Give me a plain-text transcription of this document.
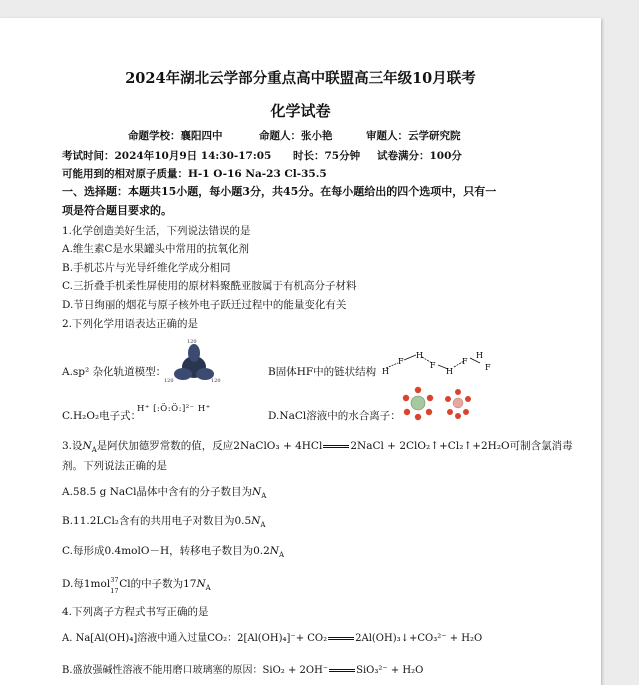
2024年湖北云学部分重点高中联盟高三年级10月联考
化学试卷
命题学校：襄阳四中	命题人：张小艳	审题人：云学研究院
考试时间：2024年10月9日 14:30-17:05 时长：75分钟 试卷满分：100分
可能用到的相对原子质量：H-1 O-16 Na-23 Cl-35.5
一、选择题：本题共15小题，每小题3分，共45分。在每小题给出的四个选项中，只有一
项是符合题目要求的。
1.化学创造美好生活，下列说法错误的是
A.维生素C是水果罐头中常用的抗氧化剂
B.手机芯片与光导纤维化学成分相同
C.三折叠手机柔性屏使用的原材料聚酰亚胺属于有机高分子材料
D.节日绚丽的烟花与原子核外电子跃迁过程中的能量变化有关
2.下列化学用语表达正确的是
A.sp² 杂化轨道模型：
120
120	120
B固体HF中的链状结构 H
F
H
F
H
F
H
F
C.H₂O₂电子式：
H⁺ [:Ö:Ö:]²⁻ H⁺
D.NaCl溶液中的水合离子：
3.设$N_A$是阿伏加德罗常数的值，反应2NaClO₃ + 4HCl	2NaCl + 2ClO₂↑+Cl₂↑+2H₂O可制含氯消毒
剂。下列说法正确的是
A.58.5 g NaCl晶体中含有的分子数目为$N_A$
B.11.2LCl₂含有的共用电子对数目为$0.5N_A$
C.每形成0.4molO－H，转移电子数目为$0.2N_A$
D.每1mol 37
17
Cl的中子数为$17N_A$
4.下列离子方程式书写正确的是
A. Na[Al(OH)₄]溶液中通入过量CO₂：2[Al(OH)₄]⁻+ CO₂	2Al(OH)₃↓+CO₃²⁻ + H₂O
B.盛放强碱性溶液不能用磨口玻璃塞的原因：SiO₂ + 2OH⁻	SiO₃²⁻ + H₂O
